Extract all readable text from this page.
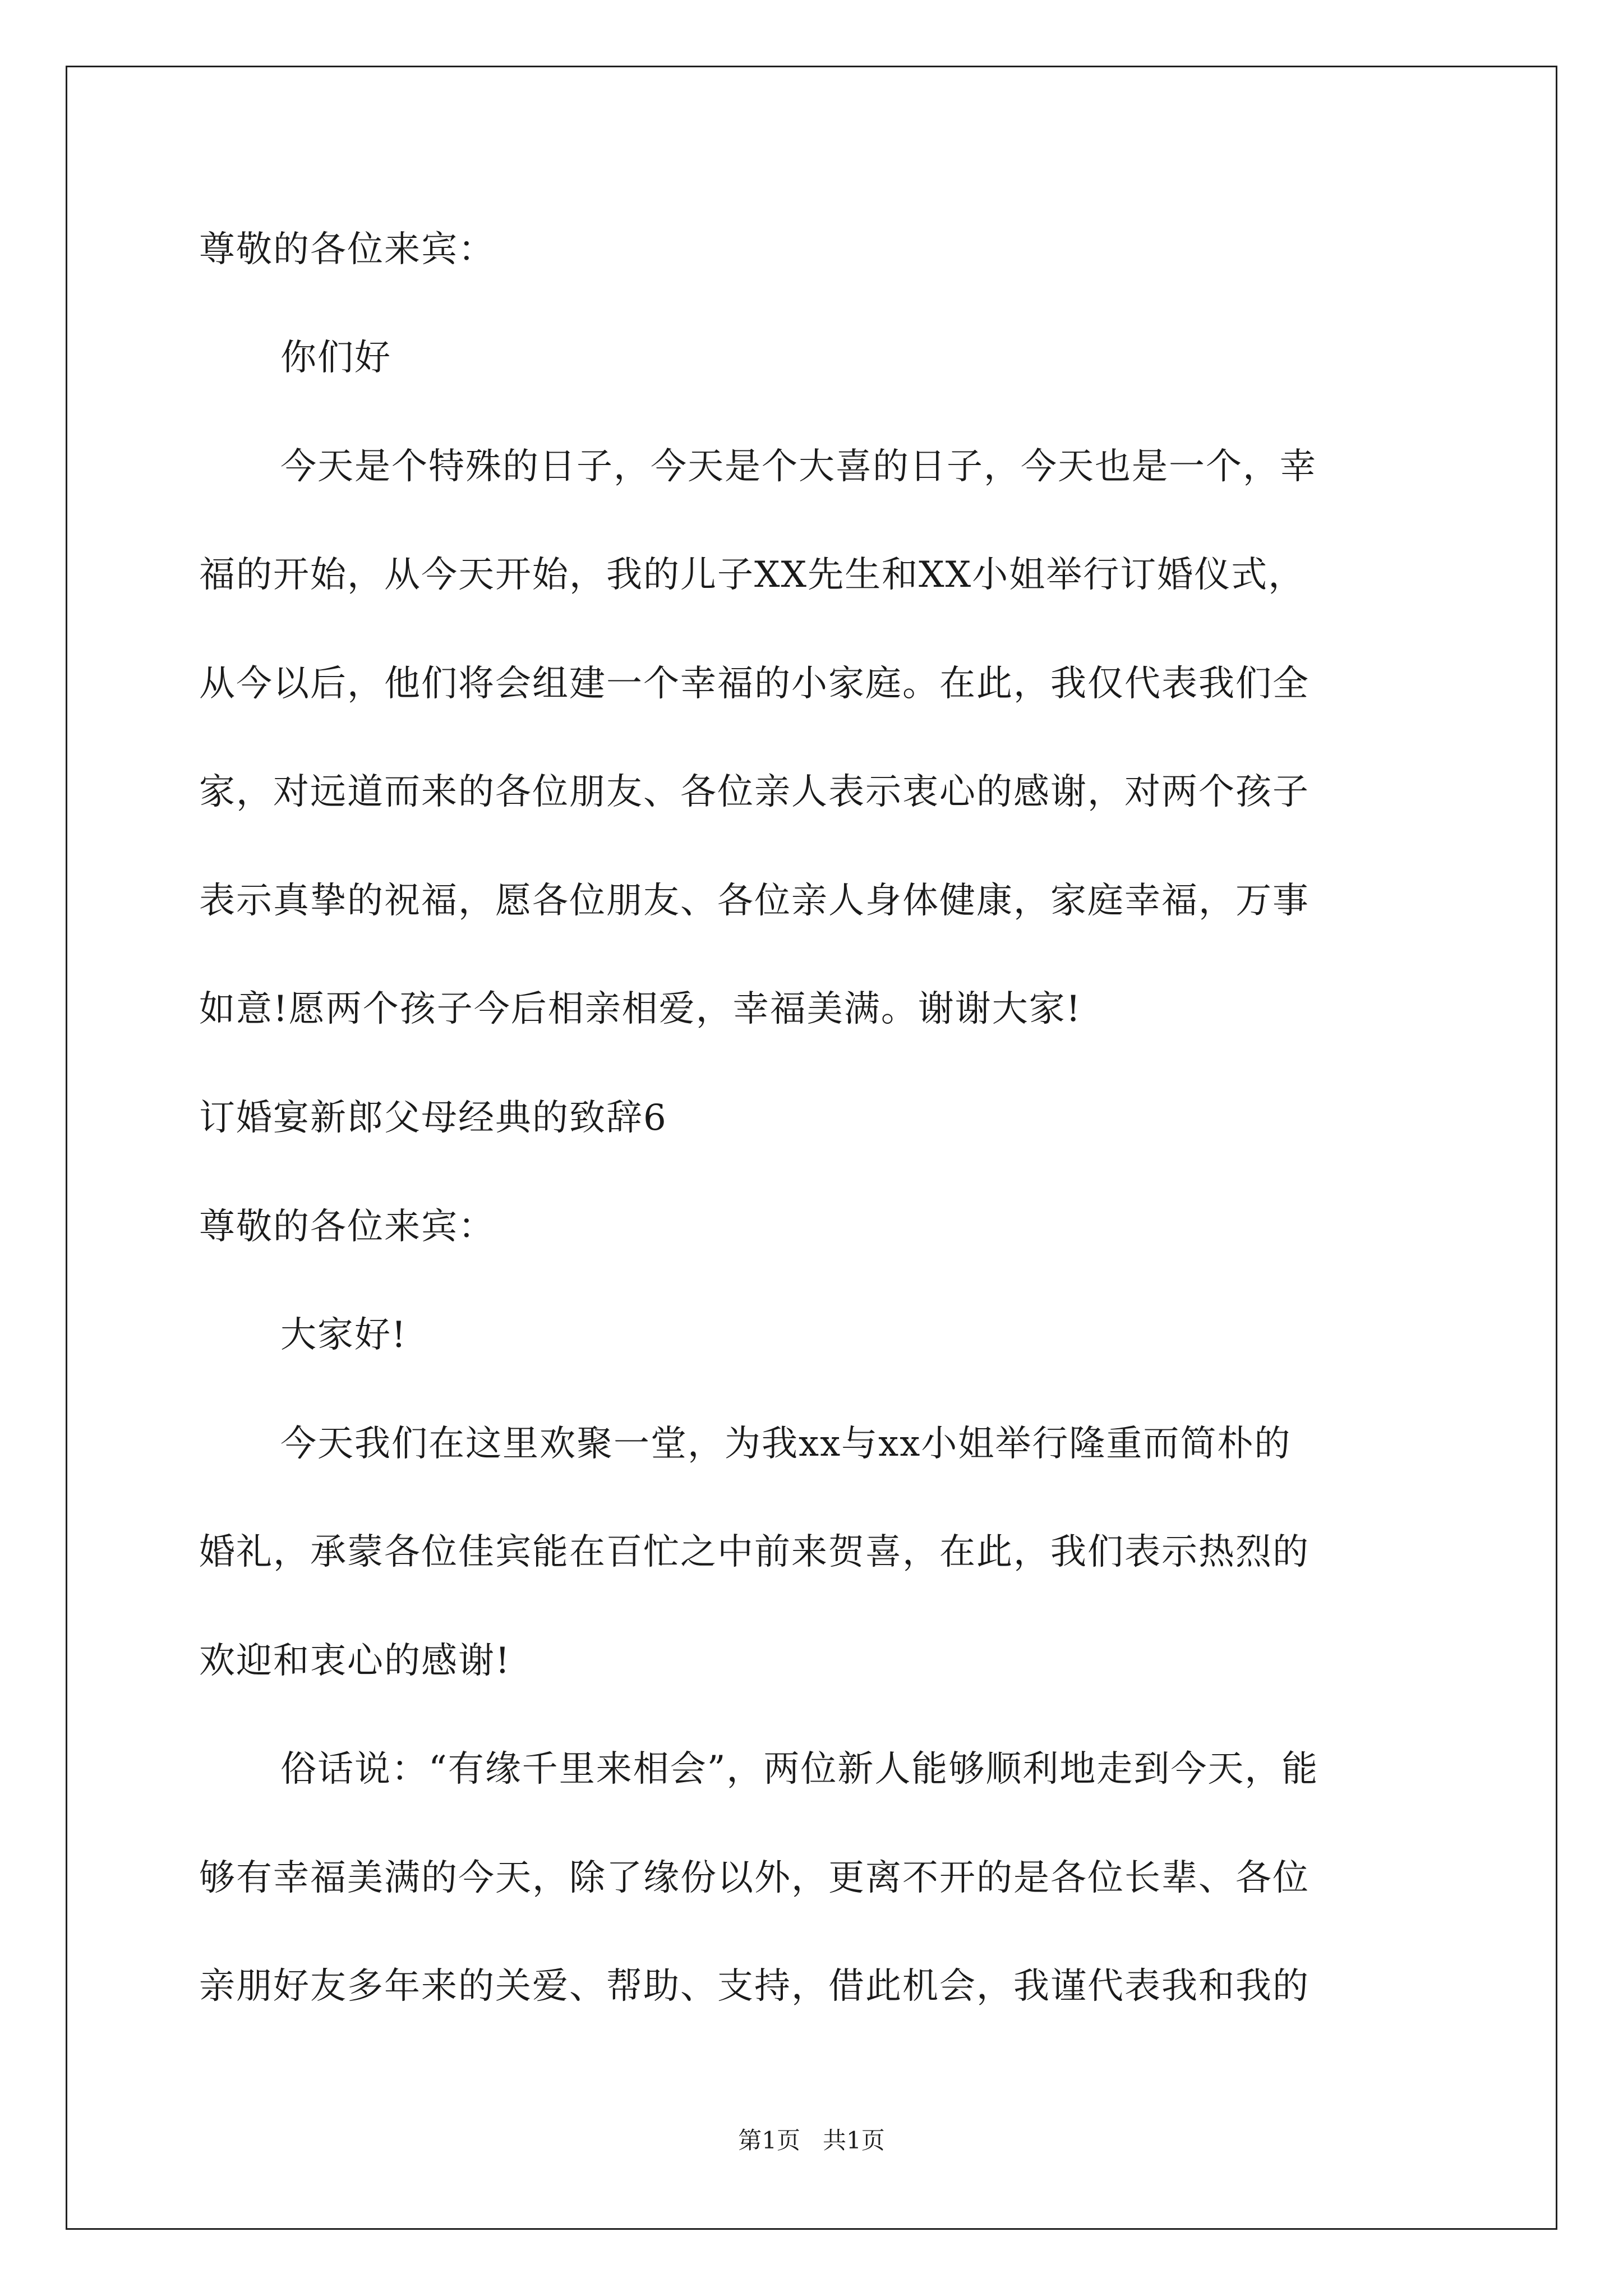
尊敬的各位来宾：
你们好
今天是个特殊的日子，今天是个大喜的日子，今天也是一个，幸
福的开始，从今天开始，我的儿子XX先生和XX小姐举行订婚仪式，
从今以后，他们将会组建一个幸福的小家庭。在此，我仅代表我们全
家，对远道而来的各位朋友、各位亲人表示衷心的感谢，对两个孩子
表示真挚的祝福，愿各位朋友、各位亲人身体健康，家庭幸福，万事
如意!愿两个孩子今后相亲相爱，幸福美满。谢谢大家!
订婚宴新郎父母经典的致辞6
尊敬的各位来宾：
大家好!
今天我们在这里欢聚一堂，为我xx与xx小姐举行隆重而简朴的
婚礼，承蒙各位佳宾能在百忙之中前来贺喜，在此，我们表示热烈的
欢迎和衷心的感谢!
俗话说：“有缘千里来相会”，两位新人能够顺利地走到今天，能
够有幸福美满的今天，除了缘份以外，更离不开的是各位长辈、各位
亲朋好友多年来的关爱、帮助、支持，借此机会，我谨代表我和我的
第1页   共1页
